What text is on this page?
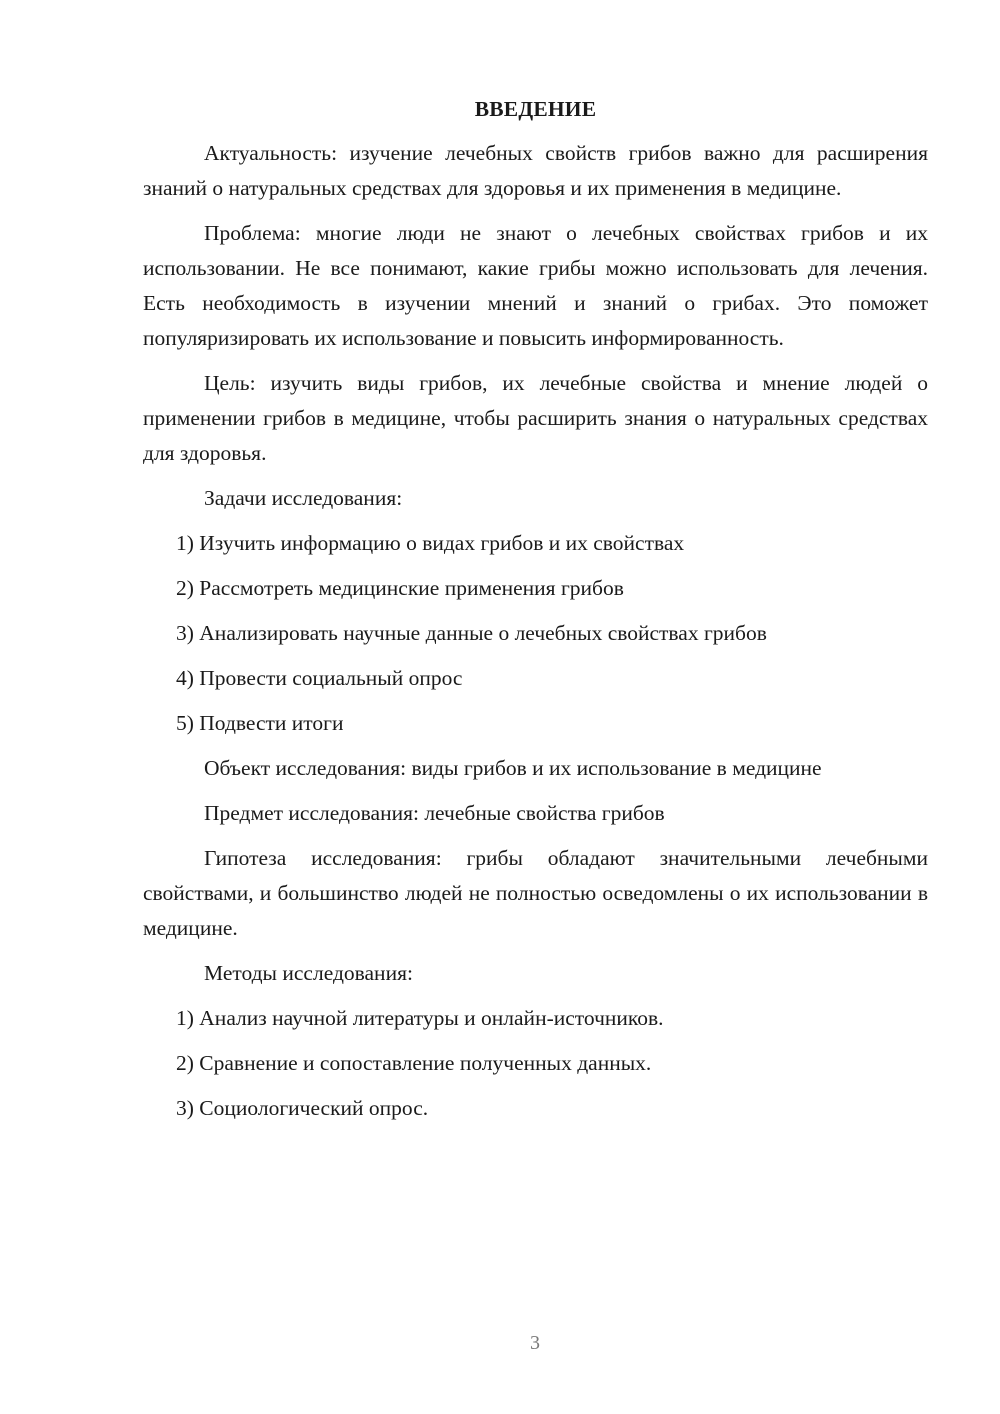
ВВЕДЕНИЕ

Актуальность: изучение лечебных свойств грибов важно для расширения знаний о натуральных средствах для здоровья и их применения в медицине.

Проблема: многие люди не знают о лечебных свойствах грибов и их использовании. Не все понимают, какие грибы можно использовать для лечения. Есть необходимость в изучении мнений и знаний о грибах. Это поможет популяризировать их использование и повысить информированность.

Цель: изучить виды грибов, их лечебные свойства и мнение людей о применении грибов в медицине, чтобы расширить знания о натуральных средствах для здоровья.

Задачи исследования:
1) Изучить информацию о видах грибов и их свойствах
2) Рассмотреть медицинские применения грибов
3) Анализировать научные данные о лечебных свойствах грибов
4) Провести социальный опрос
5) Подвести итоги
Объект исследования: виды грибов и их использование в медицине
Предмет исследования: лечебные свойства грибов

Гипотеза исследования: грибы обладают значительными лечебными свойствами, и большинство людей не полностью осведомлены о их использовании в медицине.

Методы исследования:
1) Анализ научной литературы и онлайн-источников.
2) Сравнение и сопоставление полученных данных.
3) Социологический опрос.
3
